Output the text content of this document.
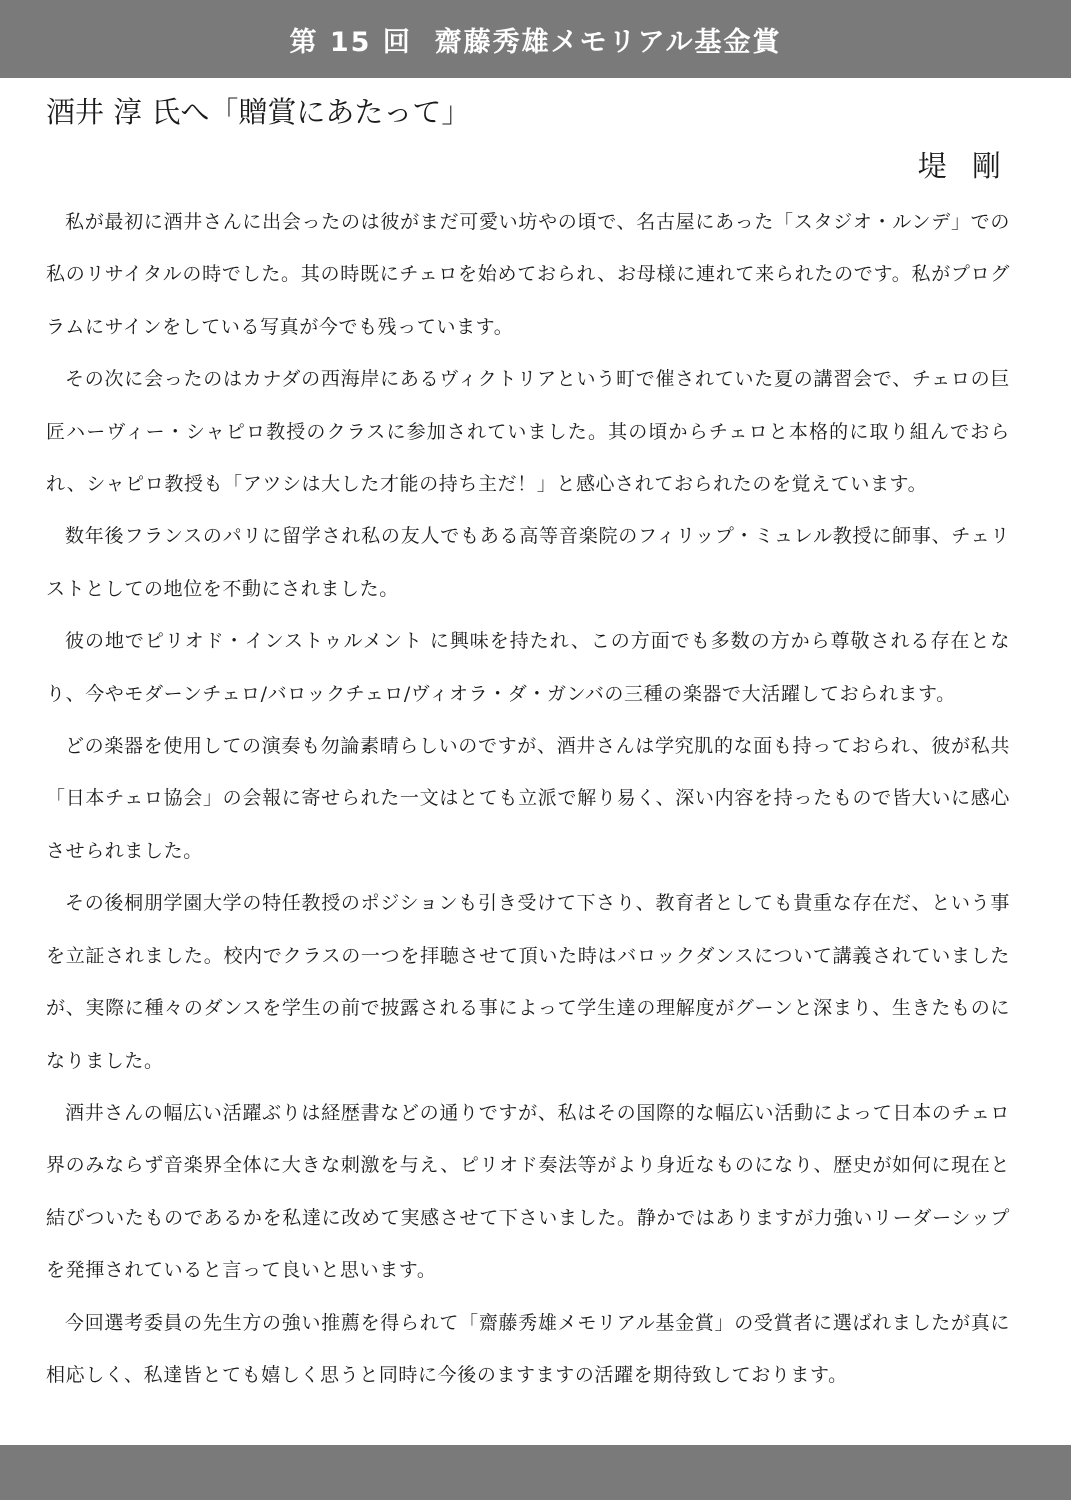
第 15 回  齋藤秀雄メモリアル基金賞
酒井 淳 氏へ「贈賞にあたって」
堤 剛

私が最初に酒井さんに出会ったのは彼がまだ可愛い坊やの頃で、名古屋にあった「スタジオ・ルンデ」での私のリサイタルの時でした。其の時既にチェロを始めておられ、お母様に連れて来られたのです。私がプログラムにサインをしている写真が今でも残っています。

その次に会ったのはカナダの西海岸にあるヴィクトリアという町で催されていた夏の講習会で、チェロの巨匠ハーヴィー・シャピロ教授のクラスに参加されていました。其の頃からチェロと本格的に取り組んでおられ、シャピロ教授も「アツシは大した才能の持ち主だ！」と感心されておられたのを覚えています。

数年後フランスのパリに留学され私の友人でもある高等音楽院のフィリップ・ミュレル教授に師事、チェリストとしての地位を不動にされました。

彼の地でピリオド・インストゥルメント に興味を持たれ、この方面でも多数の方から尊敬される存在となり、今やモダーンチェロ/バロックチェロ/ヴィオラ・ダ・ガンバの三種の楽器で大活躍しておられます。

どの楽器を使用しての演奏も勿論素晴らしいのですが、酒井さんは学究肌的な面も持っておられ、彼が私共「日本チェロ協会」の会報に寄せられた一文はとても立派で解り易く、深い内容を持ったもので皆大いに感心させられました。

その後桐朋学園大学の特任教授のポジションも引き受けて下さり、教育者としても貴重な存在だ、という事を立証されました。校内でクラスの一つを拝聴させて頂いた時はバロックダンスについて講義されていましたが、実際に種々のダンスを学生の前で披露される事によって学生達の理解度がグーンと深まり、生きたものになりました。

酒井さんの幅広い活躍ぶりは経歴書などの通りですが、私はその国際的な幅広い活動によって日本のチェロ界のみならず音楽界全体に大きな刺激を与え、ピリオド奏法等がより身近なものになり、歴史が如何に現在と結びついたものであるかを私達に改めて実感させて下さいました。静かではありますが力強いリーダーシップを発揮されていると言って良いと思います。

今回選考委員の先生方の強い推薦を得られて「齋藤秀雄メモリアル基金賞」の受賞者に選ばれましたが真に相応しく、私達皆とても嬉しく思うと同時に今後のますますの活躍を期待致しております。
